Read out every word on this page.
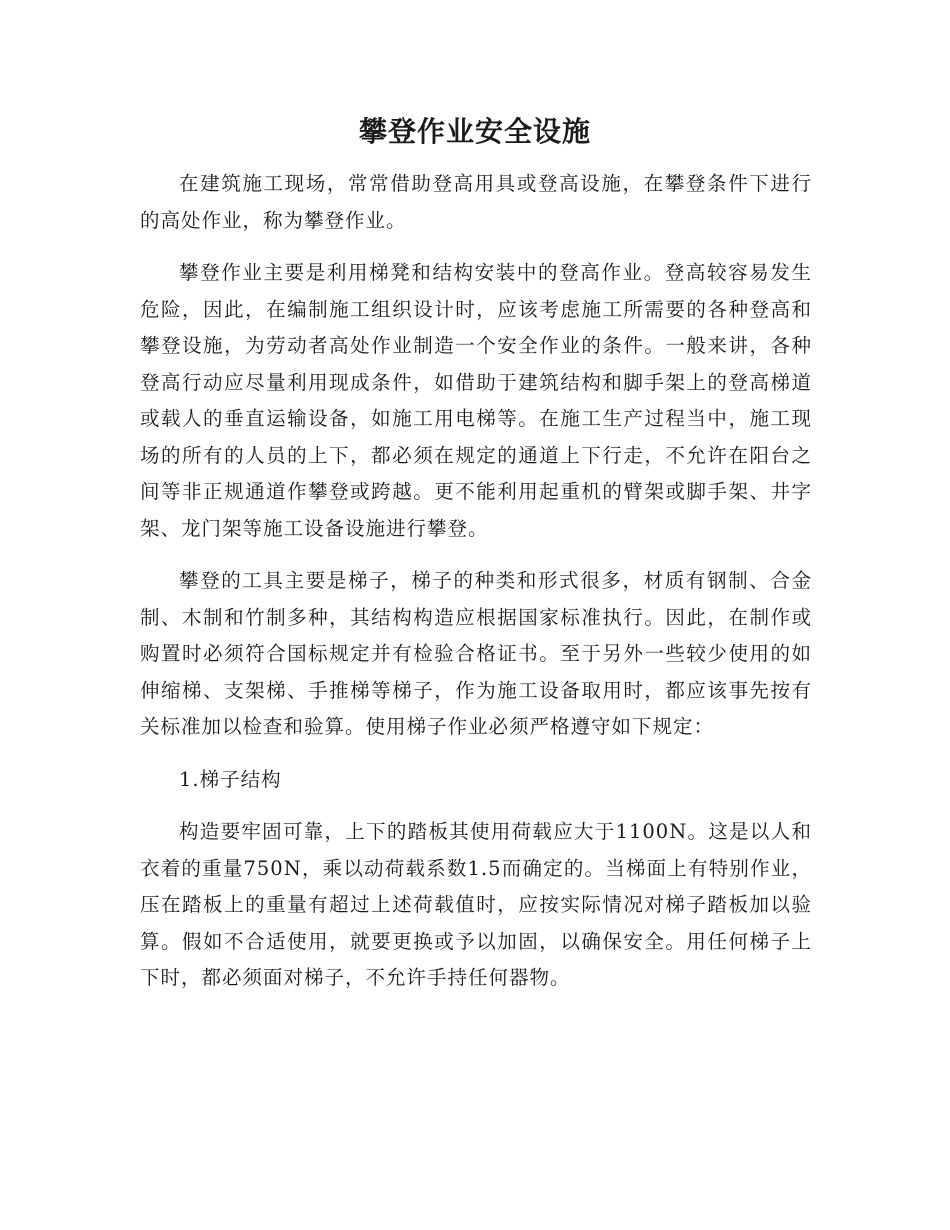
攀登作业安全设施

在建筑施工现场，常常借助登高用具或登高设施，在攀登条件下进行的高处作业，称为攀登作业。

攀登作业主要是利用梯凳和结构安装中的登高作业。登高较容易发生危险，因此，在编制施工组织设计时，应该考虑施工所需要的各种登高和攀登设施，为劳动者高处作业制造一个安全作业的条件。一般来讲，各种登高行动应尽量利用现成条件，如借助于建筑结构和脚手架上的登高梯道或载人的垂直运输设备，如施工用电梯等。在施工生产过程当中，施工现场的所有的人员的上下，都必须在规定的通道上下行走，不允许在阳台之间等非正规通道作攀登或跨越。更不能利用起重机的臂架或脚手架、井字架、龙门架等施工设备设施进行攀登。

攀登的工具主要是梯子，梯子的种类和形式很多，材质有钢制、合金制、木制和竹制多种，其结构构造应根据国家标准执行。因此，在制作或购置时必须符合国标规定并有检验合格证书。至于另外一些较少使用的如伸缩梯、支架梯、手推梯等梯子，作为施工设备取用时，都应该事先按有关标准加以检查和验算。使用梯子作业必须严格遵守如下规定：

1.梯子结构

构造要牢固可靠，上下的踏板其使用荷载应大于1100N。这是以人和衣着的重量750N，乘以动荷载系数1.5而确定的。当梯面上有特别作业，压在踏板上的重量有超过上述荷载值时，应按实际情况对梯子踏板加以验算。假如不合适使用，就要更换或予以加固，以确保安全。用任何梯子上下时，都必须面对梯子，不允许手持任何器物。
